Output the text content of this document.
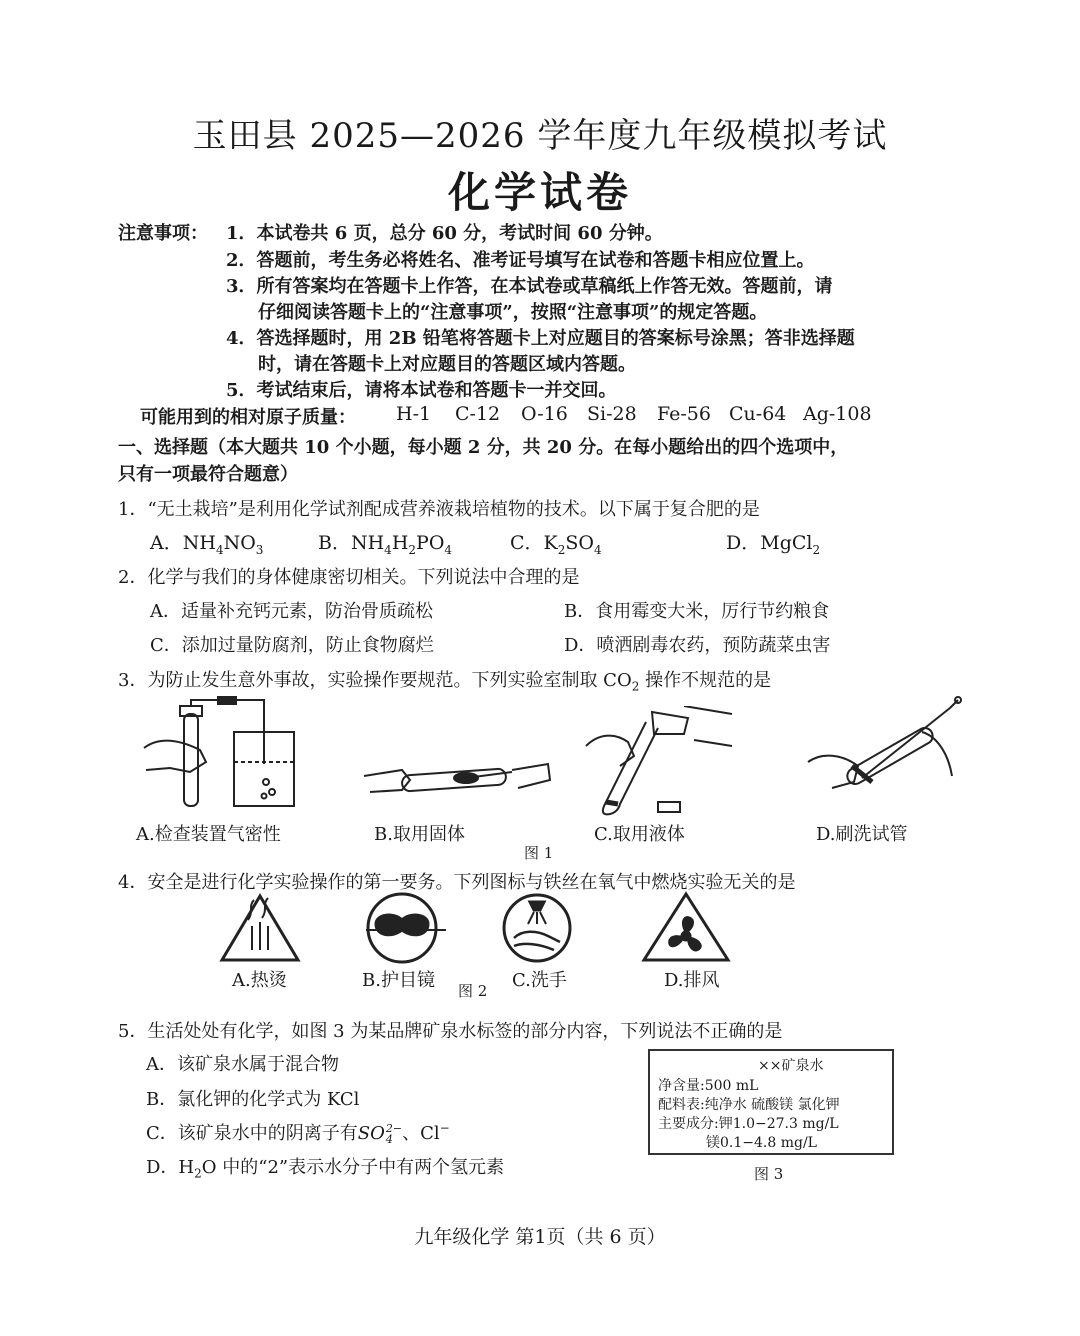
玉田县 2025—2026 学年度九年级模拟考试
化学试卷
注意事项： 1．本试卷共 6 页，总分 60 分，考试时间 60 分钟。
2．答题前，考生务必将姓名、准考证号填写在试卷和答题卡相应位置上。
3．所有答案均在答题卡上作答，在本试卷或草稿纸上作答无效。答题前，请
仔细阅读答题卡上的“注意事项”，按照“注意事项”的规定答题。
4．答选择题时，用 2B 铅笔将答题卡上对应题目的答案标号涂黑；答非选择题
时，请在答题卡上对应题目的答题区域内答题。
5．考试结束后，请将本试卷和答题卡一并交回。
可能用到的相对原子质量： H-1 C-12 O-16 Si-28 Fe-56 Cu-64 Ag-108
一、选择题（本大题共 10 个小题，每小题 2 分，共 20 分。在每小题给出的四个选项中，
只有一项最符合题意）
1．“无土栽培”是利用化学试剂配成营养液栽培植物的技术。以下属于复合肥的是
A．$NH_4NO_3$	B．$NH_4H_2PO_4$	C．$K_2SO_4$	D．MgCl$_2$
2．化学与我们的身体健康密切相关。下列说法中合理的是
A．适量补充钙元素，防治骨质疏松	B．食用霉变大米，厉行节约粮食
C．添加过量防腐剂，防止食物腐烂	D．喷洒剧毒农药，预防蔬菜虫害
3．为防止发生意外事故，实验操作要规范。下列实验室制取 $CO_2$ 操作不规范的是
A.检查装置气密性	B.取用固体	C.取用液体	D.刷洗试管
图 1
4．安全是进行化学实验操作的第一要务。下列图标与铁丝在氧气中燃烧实验无关的是
A.热烫	B.护目镜	C.洗手	D.排风
图 2
5．生活处处有化学，如图 3 为某品牌矿泉水标签的部分内容，下列说法不正确的是
A．该矿泉水属于混合物
B．氯化钾的化学式为 KCl
C．该矿泉水中的阴离子有SO 2−
4 、Cl−
D．$H_2O$ 中的“2”表示水分子中有两个氢元素
××矿泉水
净含量:500 mL
配料表:纯净水 硫酸镁 氯化钾
主要成分:钾1.0−27.3 mg/L
镁0.1−4.8 mg/L
图 3
九年级化学 第1页（共 6 页）
